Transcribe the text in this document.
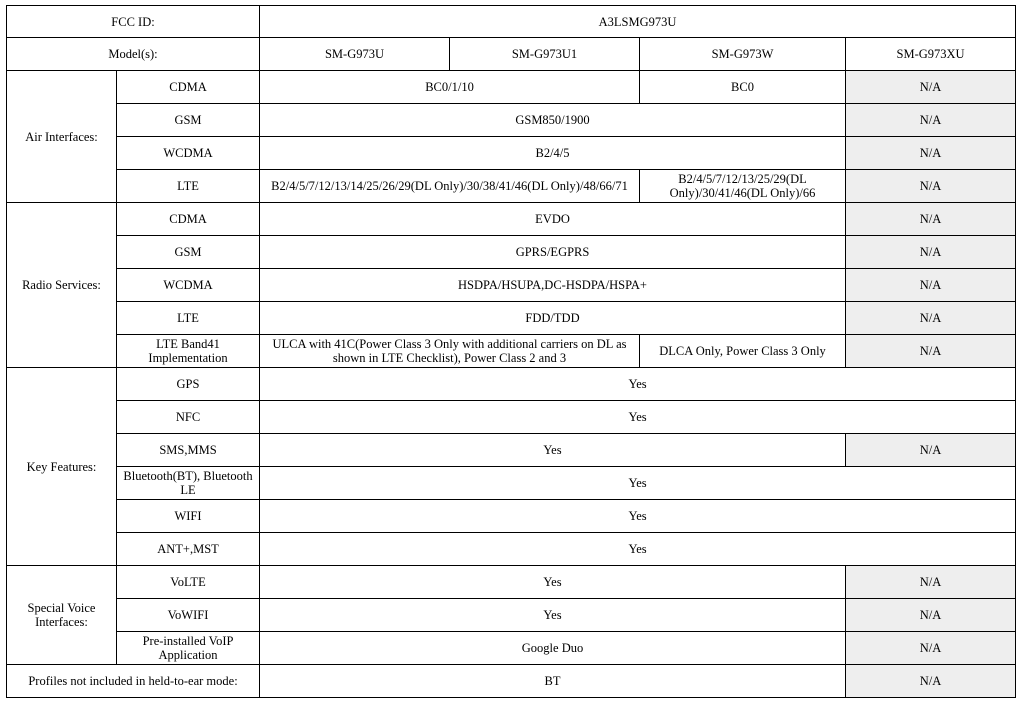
FCC ID:		A3LSMG973U			
Model(s):		SM-G973U	SM-G973U1	SM-G973W	SM-G973XU
Air Interfaces:	CDMA	BC0/1/10		BC0	N/A
	GSM	GSM850/1900			N/A
	WCDMA	B2/4/5			N/A
	LTE	B2/4/5/7/12/13/14/25/26/29(DL Only)/30/38/41/46(DL Only)/48/66/71		B2/4/5/7/12/13/25/29(DL Only)/30/41/46(DL Only)/66	N/A
Radio Services:	CDMA	EVDO			N/A
	GSM	GPRS/EGPRS			N/A
	WCDMA	HSDPA/HSUPA,DC-HSDPA/HSPA+			N/A
	LTE	FDD/TDD			N/A
	LTE Band41 Implementation	ULCA with 41C(Power Class 3 Only with additional carriers on DL as shown in LTE Checklist), Power Class 2 and 3		DLCA Only, Power Class 3 Only	N/A
Key Features:	GPS	Yes			
	NFC	Yes			
	SMS,MMS	Yes			N/A
	Bluetooth(BT), Bluetooth LE	Yes			
	WIFI	Yes			
	ANT+,MST	Yes			
Special Voice Interfaces:	VoLTE	Yes			N/A
	VoWIFI	Yes			N/A
	Pre-installed VoIP Application	Google Duo			N/A
Profiles not included in held-to-ear mode:		BT			N/A
